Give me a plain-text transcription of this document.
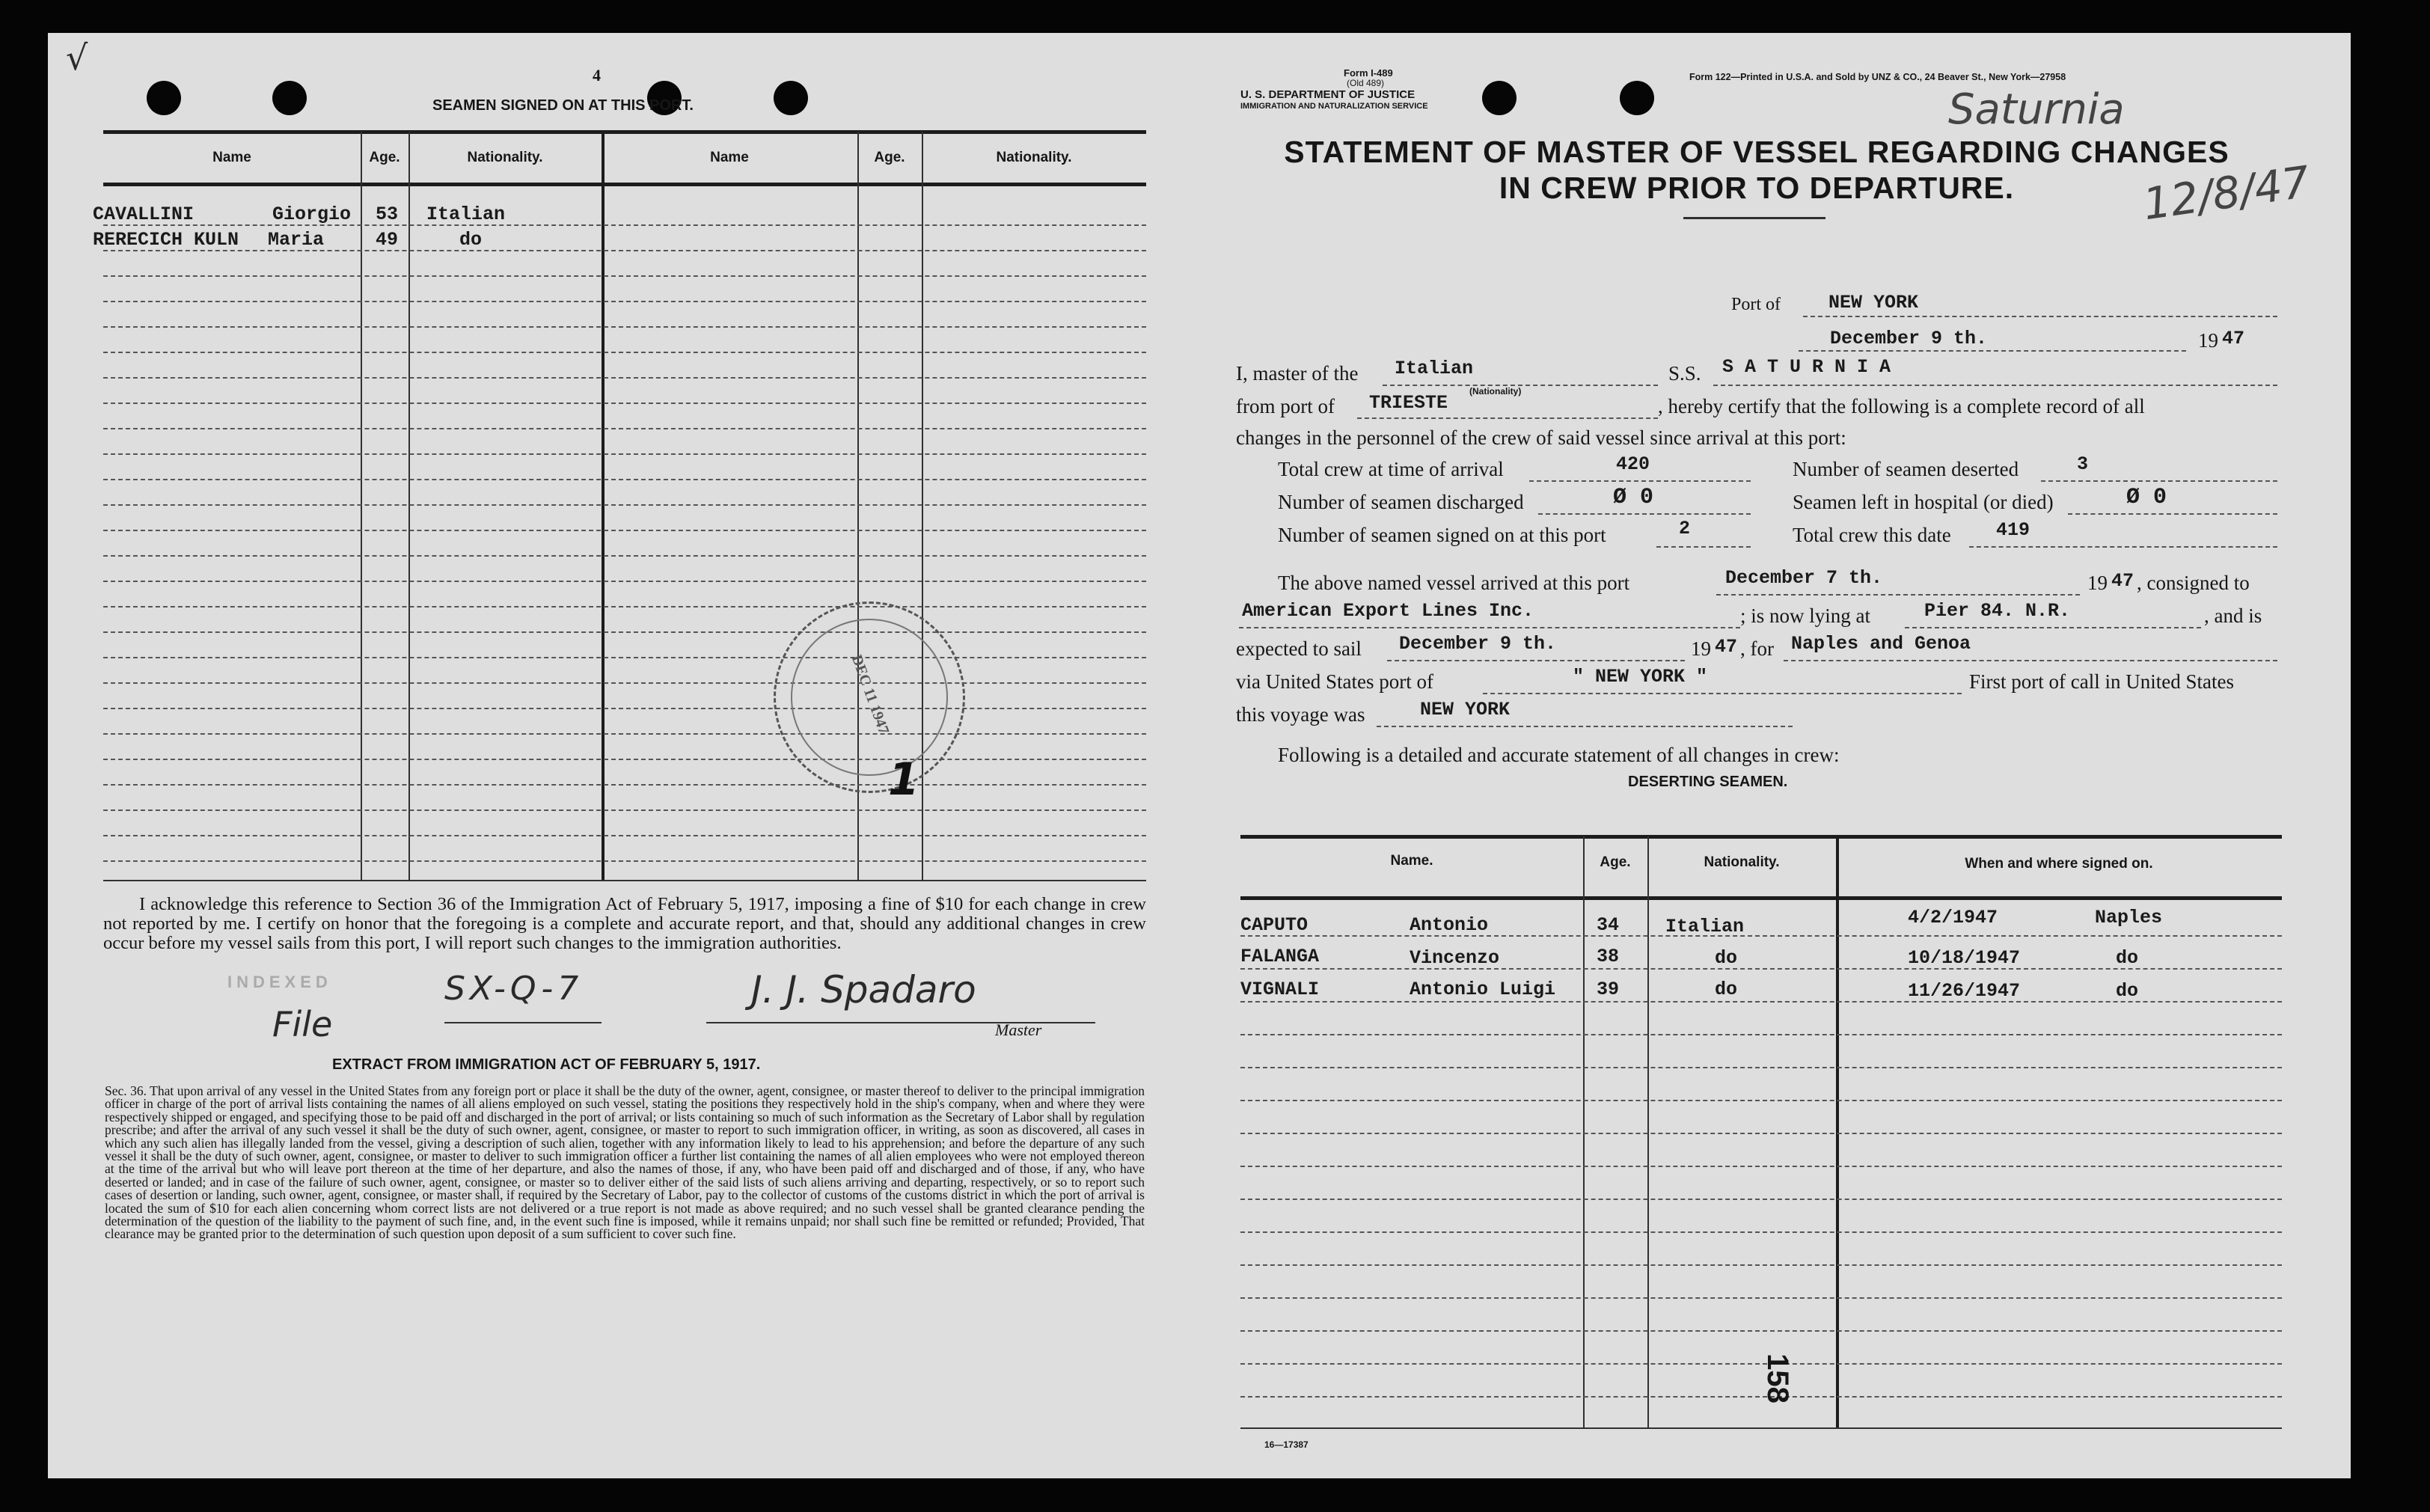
√	4
SEAMEN SIGNED ON AT THIS PORT.
Name	Age.	Nationality.	Name	Age.	Nationality.
CAVALLINI	Giorgio 53 Italian
RERECICH KULN Maria	49	do
DEC 11 1947
1
I acknowledge this reference to Section 36 of the Immigration Act of February 5, 1917, imposing a fine of $10 for each change in crew not reported by me. I certify on honor that the foregoing is a complete and accurate report, and that, should any additional changes in crew occur before my vessel sails from this port, I will report such changes to the immigration authorities.
INDEXED
File
SX-Q-7	J. J. Spadaro
Master
EXTRACT FROM IMMIGRATION ACT OF FEBRUARY 5, 1917.
Sec. 36. That upon arrival of any vessel in the United States from any foreign port or place it shall be the duty of the owner, agent, consignee, or master thereof to deliver to the principal immigration officer in charge of the port of arrival lists containing the names of all aliens employed on such vessel, stating the positions they respectively hold in the ship's company, when and where they were respectively shipped or engaged, and specifying those to be paid off and discharged in the port of arrival; or lists containing so much of such information as the Secretary of Labor shall by regulation prescribe; and after the arrival of any such vessel it shall be the duty of such owner, agent, consignee, or master to report to such immigration officer, in writing, as soon as discovered, all cases in which any such alien has illegally landed from the vessel, giving a description of such alien, together with any information likely to lead to his apprehension; and before the departure of any such vessel it shall be the duty of such owner, agent, consignee, or master to deliver to such immigration officer a further list containing the names of all alien employees who were not employed thereon at the time of the arrival but who will leave port thereon at the time of her departure, and also the names of those, if any, who have been paid off and discharged and of those, if any, who have deserted or landed; and in case of the failure of such owner, agent, consignee, or master so to deliver either of the said lists of such aliens arriving and departing, respectively, or so to report such cases of desertion or landing, such owner, agent, consignee, or master shall, if required by the Secretary of Labor, pay to the collector of customs of the customs district in which the port of arrival is located the sum of $10 for each alien concerning whom correct lists are not delivered or a true report is not made as above required; and no such vessel shall be granted clearance pending the determination of the question of the liability to the payment of such fine, and, in the event such fine is imposed, while it remains unpaid; nor shall such fine be remitted or refunded; Provided, That clearance may be granted prior to the determination of such question upon deposit of a sum sufficient to cover such fine.
Form I-489
(Old 489)
U. S. DEPARTMENT OF JUSTICE
IMMIGRATION AND NATURALIZATION SERVICE
Form 122—Printed in U.S.A. and Sold by UNZ & CO., 24 Beaver St., New York—27958
Saturnia
12/8/47
STATEMENT OF MASTER OF VESSEL REGARDING CHANGES
IN CREW PRIOR TO DEPARTURE.
Port of	NEW YORK
December 9 th.	19 47
I, master of the Italian
(Nationality)
S.S. S A T U R N I A
from port of TRIESTE	, hereby certify that the following is a complete record of all
changes in the personnel of the crew of said vessel since arrival at this port:
Total crew at time of arrival	420	Number of seamen deserted	3
Number of seamen discharged	Ø 0	Seamen left in hospital (or died)	Ø 0
Number of seamen signed on at this port	2	Total crew this date 419
The above named vessel arrived at this port	December 7 th.	19 47 , consigned to
American Export Lines Inc.	; is now lying at	Pier 84. N.R.	, and is
expected to sail December 9 th.	19 47 , for Naples and Genoa
via United States port of	" NEW YORK "	First port of call in United States
this voyage was	NEW YORK
Following is a detailed and accurate statement of all changes in crew:
DESERTING SEAMEN.
Name.	Age.	Nationality.	When and where signed on.
CAPUTO	Antonio	34 Italian	4/2/1947	Naples
FALANGA	Vincenzo	38	do	10/18/1947	do
VIGNALI	Antonio Luigi 39	do	11/26/1947	do
158
16—17387
